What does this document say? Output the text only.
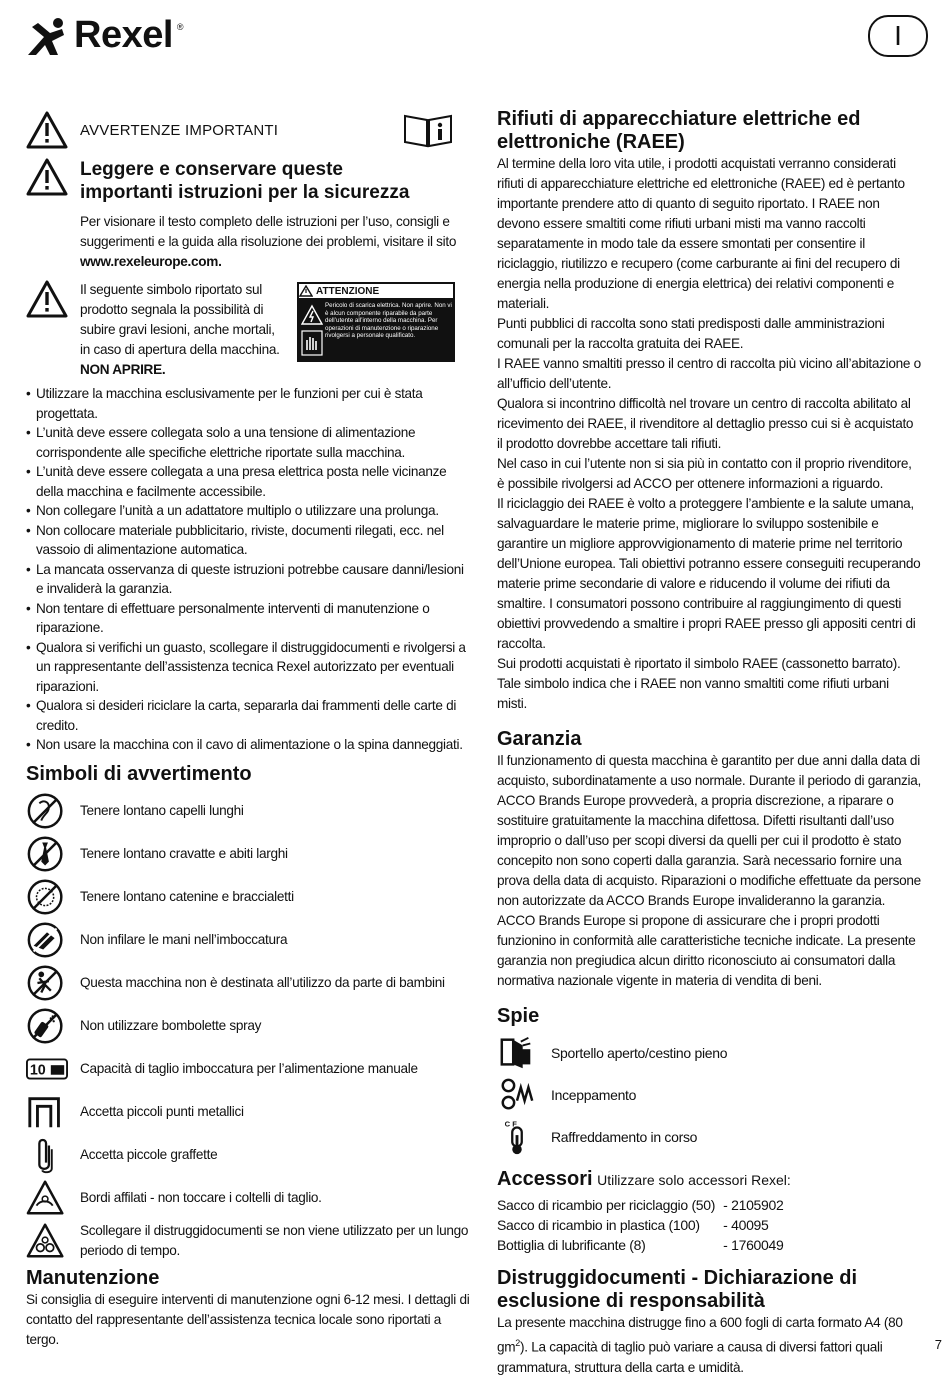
Rexel ®	I
AVVERTENZE IMPORTANTI
Leggere e conservare queste
importanti istruzioni per la sicurezza
Per visionare il testo completo delle istruzioni per l’uso, consigli e suggerimenti e la guida alla risoluzione dei problemi, visitare il sito www.rexeleurope.com.
Il seguente simbolo riportato sul prodotto segnala la possibilità di subire gravi lesioni, anche mortali, in caso di apertura della macchina.
NON APRIRE.
ATTENZIONE
Pericolo di scarica elettrica. Non aprire. Non vi è alcun componente riparabile da parte dell’utente all’interno della macchina. Per operazioni di manutenzione o riparazione rivolgersi a personale qualificato.
• Utilizzare la macchina esclusivamente per le funzioni per cui è stata progettata.
• L’unità deve essere collegata solo a una tensione di alimentazione corrispondente alle specifiche elettriche riportate sulla macchina.
• L’unità deve essere collegata a una presa elettrica posta nelle vicinanze della macchina e facilmente accessibile.
• Non collegare l’unità a un adattatore multiplo o utilizzare una prolunga.
• Non collocare materiale pubblicitario, riviste, documenti rilegati, ecc. nel vassoio di alimentazione automatica.
• La mancata osservanza di queste istruzioni potrebbe causare danni/lesioni e invaliderà la garanzia.
• Non tentare di effettuare personalmente interventi di manutenzione o riparazione.
• Qualora si verifichi un guasto, scollegare il distruggidocumenti e rivolgersi a un rappresentante dell’assistenza tecnica Rexel autorizzato per eventuali riparazioni.
• Qualora si desideri riciclare la carta, separarla dai frammenti delle carte di credito.
• Non usare la macchina con il cavo di alimentazione o la spina danneggiati.
Simboli di avvertimento
Tenere lontano capelli lunghi
Tenere lontano cravatte e abiti larghi
Tenere lontano catenine e braccialetti
Non infilare le mani nell’imboccatura
Questa macchina non è destinata all’utilizzo da parte di bambini
Non utilizzare bombolette spray
10	Capacità di taglio imboccatura per l’alimentazione manuale
Accetta piccoli punti metallici
Accetta piccole graffette
Bordi affilati - non toccare i coltelli di taglio.
Scollegare il distruggidocumenti se non viene utilizzato per un lungo periodo di tempo.
Manutenzione
Si consiglia di eseguire interventi di manutenzione ogni 6-12 mesi. I dettagli di contatto del rappresentante dell’assistenza tecnica locale sono riportati a tergo.
Rifiuti di apparecchiature elettriche ed
elettroniche (RAEE)
Al termine della loro vita utile, i prodotti acquistati verranno considerati rifiuti di apparecchiature elettriche ed elettroniche (RAEE) ed è pertanto importante prendere atto di quanto di seguito riportato. I RAEE non devono essere smaltiti come rifiuti urbani misti ma vanno raccolti separatamente in modo tale da essere smontati per consentire il riciclaggio, riutilizzo e recupero (come carburante ai fini del recupero di energia nella produzione di energia elettrica) dei relativi componenti e materiali.
Punti pubblici di raccolta sono stati predisposti dalle amministrazioni comunali per la raccolta gratuita dei RAEE.
I RAEE vanno smaltiti presso il centro di raccolta più vicino all’abitazione o all’ufficio dell’utente.
Qualora si incontrino difficoltà nel trovare un centro di raccolta abilitato al ricevimento dei RAEE, il rivenditore al dettaglio presso cui si è acquistato il prodotto dovrebbe accettare tali rifiuti.
Nel caso in cui l’utente non si sia più in contatto con il proprio rivenditore, è possibile rivolgersi ad ACCO per ottenere informazioni a riguardo.
Il riciclaggio dei RAEE è volto a proteggere l’ambiente e la salute umana, salvaguardare le materie prime, migliorare lo sviluppo sostenibile e garantire un migliore approvvigionamento di materie prime nel territorio dell’Unione europea. Tali obiettivi potranno essere conseguiti recuperando materie prime secondarie di valore e riducendo il volume dei rifiuti da smaltire. I consumatori possono contribuire al raggiungimento di questi obiettivi provvedendo a smaltire i propri RAEE presso gli appositi centri di raccolta.
Sui prodotti acquistati è riportato il simbolo RAEE (cassonetto barrato). Tale simbolo indica che i RAEE non vanno smaltiti come rifiuti urbani misti.
Garanzia
Il funzionamento di questa macchina è garantito per due anni dalla data di acquisto, subordinatamente a uso normale. Durante il periodo di garanzia, ACCO Brands Europe provvederà, a propria discrezione, a riparare o sostituire gratuitamente la macchina difettosa. Difetti risultanti dall’uso improprio o dall’uso per scopi diversi da quelli per cui il prodotto è stato concepito non sono coperti dalla garanzia. Sarà necessario fornire una prova della data di acquisto. Riparazioni o modifiche effettuate da persone non autorizzate da ACCO Brands Europe invalideranno la garanzia. ACCO Brands Europe si propone di assicurare che i propri prodotti funzionino in conformità alle caratteristiche tecniche indicate. La presente garanzia non pregiudica alcun diritto riconosciuto ai consumatori dalla normativa nazionale vigente in materia di vendita di beni.
Spie
Sportello aperto/cestino pieno
Inceppamento
C F
Raffreddamento in corso
Accessori Utilizzare solo accessori Rexel:
Sacco di ricambio per riciclaggio (50)	- 2105902
Sacco di ricambio in plastica (100)	- 40095
Bottiglia di lubrificante (8)	- 1760049
Distruggidocumenti - Dichiarazione di
esclusione di responsabilità
La presente macchina distrugge fino a 600 fogli di carta formato A4 (80 $gm^2$). La capacità di taglio può variare a causa di diversi fattori quali grammatura, struttura della carta e umidità.
7
